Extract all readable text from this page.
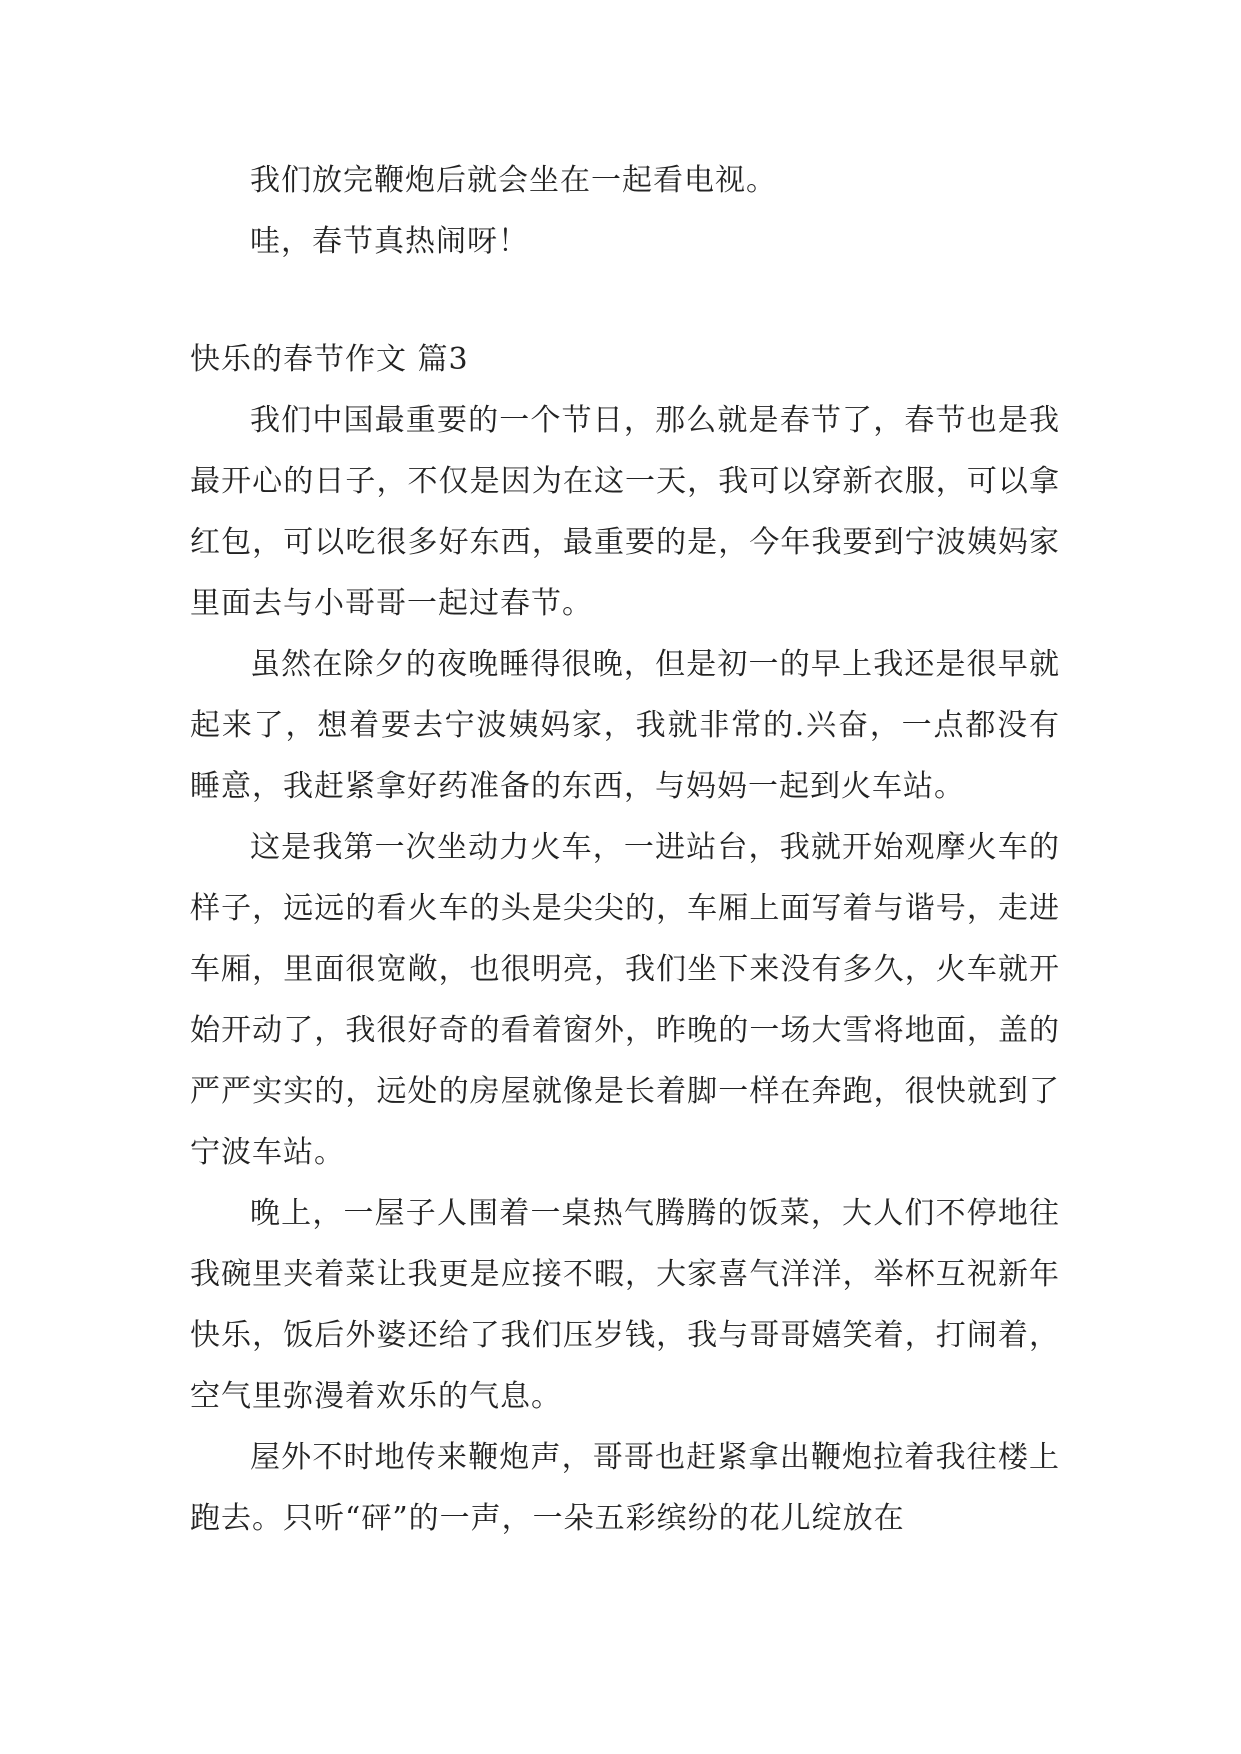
我们放完鞭炮后就会坐在一起看电视。

哇，春节真热闹呀！

快乐的春节作文 篇3

我们中国最重要的一个节日，那么就是春节了，春节也是我最开心的日子，不仅是因为在这一天，我可以穿新衣服，可以拿红包，可以吃很多好东西，最重要的是，今年我要到宁波姨妈家里面去与小哥哥一起过春节。

虽然在除夕的夜晚睡得很晚，但是初一的早上我还是很早就起来了，想着要去宁波姨妈家，我就非常的.兴奋，一点都没有睡意，我赶紧拿好药准备的东西，与妈妈一起到火车站。

这是我第一次坐动力火车，一进站台，我就开始观摩火车的样子，远远的看火车的头是尖尖的，车厢上面写着与谐号，走进车厢，里面很宽敞，也很明亮，我们坐下来没有多久，火车就开始开动了，我很好奇的看着窗外，昨晚的一场大雪将地面，盖的严严实实的，远处的房屋就像是长着脚一样在奔跑，很快就到了宁波车站。

晚上，一屋子人围着一桌热气腾腾的饭菜，大人们不停地往我碗里夹着菜让我更是应接不暇，大家喜气洋洋，举杯互祝新年快乐，饭后外婆还给了我们压岁钱，我与哥哥嬉笑着，打闹着，空气里弥漫着欢乐的气息。

屋外不时地传来鞭炮声，哥哥也赶紧拿出鞭炮拉着我往楼上跑去。只听“砰”的一声，一朵五彩缤纷的花儿绽放在
